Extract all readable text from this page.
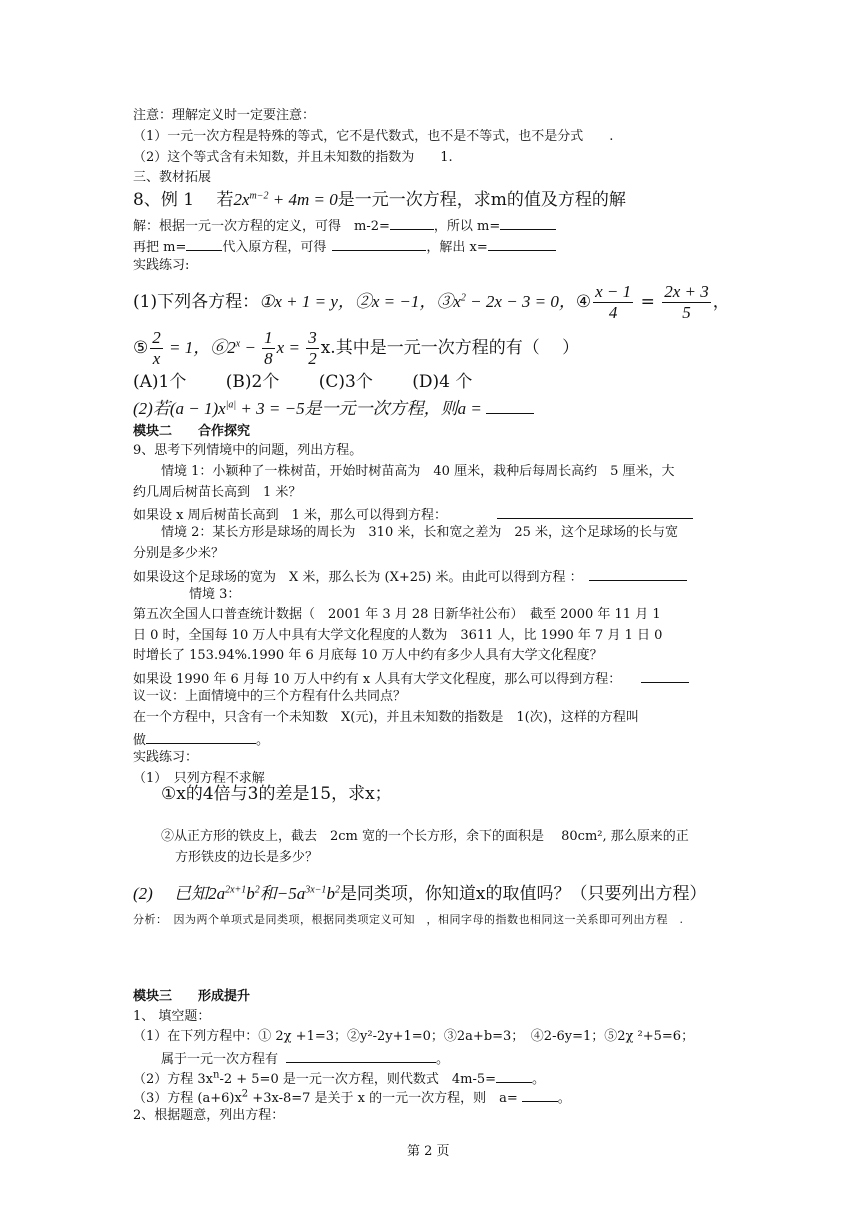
注意：理解定义时一定要注意：
（1）一元一次方程是特殊的等式，它不是代数式，也不是不等式，也不是分式　　.
（2）这个等式含有未知数，并且未知数的指数为　　1.
三、教材拓展
8、例 1　 若$2x^{m-2} + 4m = 0$是一元一次方程，求m的值及方程的解
解：根据一元一次方程的定义，可得　m-2=	，所以 m=
再把 m=	代入原方程，可得	，解出 x=
实践练习:
(1)下列各方程：①x + 1 = y，②x = −1，$③x^2 - 2x - 3 = 0$，④ $\frac{x - 1}{4} = \frac{2x + 3}{5}$ ，
⑤ $\frac{2}{x} = 1$，$⑥2^x - \frac{1}{8}$ $x = \frac{3}{2} x$.其中是一元一次方程的有（　 ）
(A)1个　　 (B)2个　　 (C)3个　　 (D)4 个
(2)若$(a - 1)x^{|a|} + 3 = -5$是一元一次方程，则a =
模块二　　合作探究
9、思考下列情境中的问题，列出方程。
情境 1：小颖种了一株树苗，开始时树苗高为　40 厘米，栽种后每周长高约　5 厘米，大
约几周后树苗长高到　1 米？
如果设 x 周后树苗长高到　1 米，那么可以得到方程：
情境 2：某长方形是球场的周长为　310 米，长和宽之差为　25 米，这个足球场的长与宽
分别是多少米？
如果设这个足球场的宽为　X 米，那么长为 (X+25) 米。由此可以得到方程 ：
情境 3：
第五次全国人口普查统计数据（　2001 年 3 月 28 日新华社公布）　截至 2000 年 11 月 1
日 0 时，全国每 10 万人中具有大学文化程度的人数为　3611 人，比 1990 年 7 月 1 日 0
时增长了 153.94%.1990 年 6 月底每 10 万人中约有多少人具有大学文化程度？
如果设 1990 年 6 月每 10 万人中约有 x 人具有大学文化程度，那么可以得到方程：
议一议：上面情境中的三个方程有什么共同点？
在一个方程中，只含有一个未知数　X(元)，并且未知数的指数是　1(次)，这样的方程叫
做	。
实践练习：
（1）　只列方程不求解
①x的4倍与3的差是15，求x；
②从正方形的铁皮上，截去　2cm 宽的一个长方形，余下的面积是　 80cm², 那么原来的正
方形铁皮的边长是多少？
(2)　 已知$2a^{2x+1}b^2$和$-5a^{3x-1}b^2$是同类项，你知道x的取值吗？（只要列出方程）
分析：　因为两个单项式是同类项，根据同类项定义可知　，相同字母的指数也相同这一关系即可列出方程　.
模块三　　形成提升
1、 填空题：
（1）在下列方程中：① 2χ +1=3；②y²-2y+1=0；③2a+b=3；　④2-6y=1；⑤2χ ²+5=6；
属于一元一次方程有	。
（2）方程 $3x^n-2 + 5=0$ 是一元一次方程，则代数式　4m-5=	。
（3）方程 $(a+6)x^2 +3x-8=7$ 是关于 x 的一元一次方程，则　a=	。
2、根据题意，列出方程：
第 2 页
